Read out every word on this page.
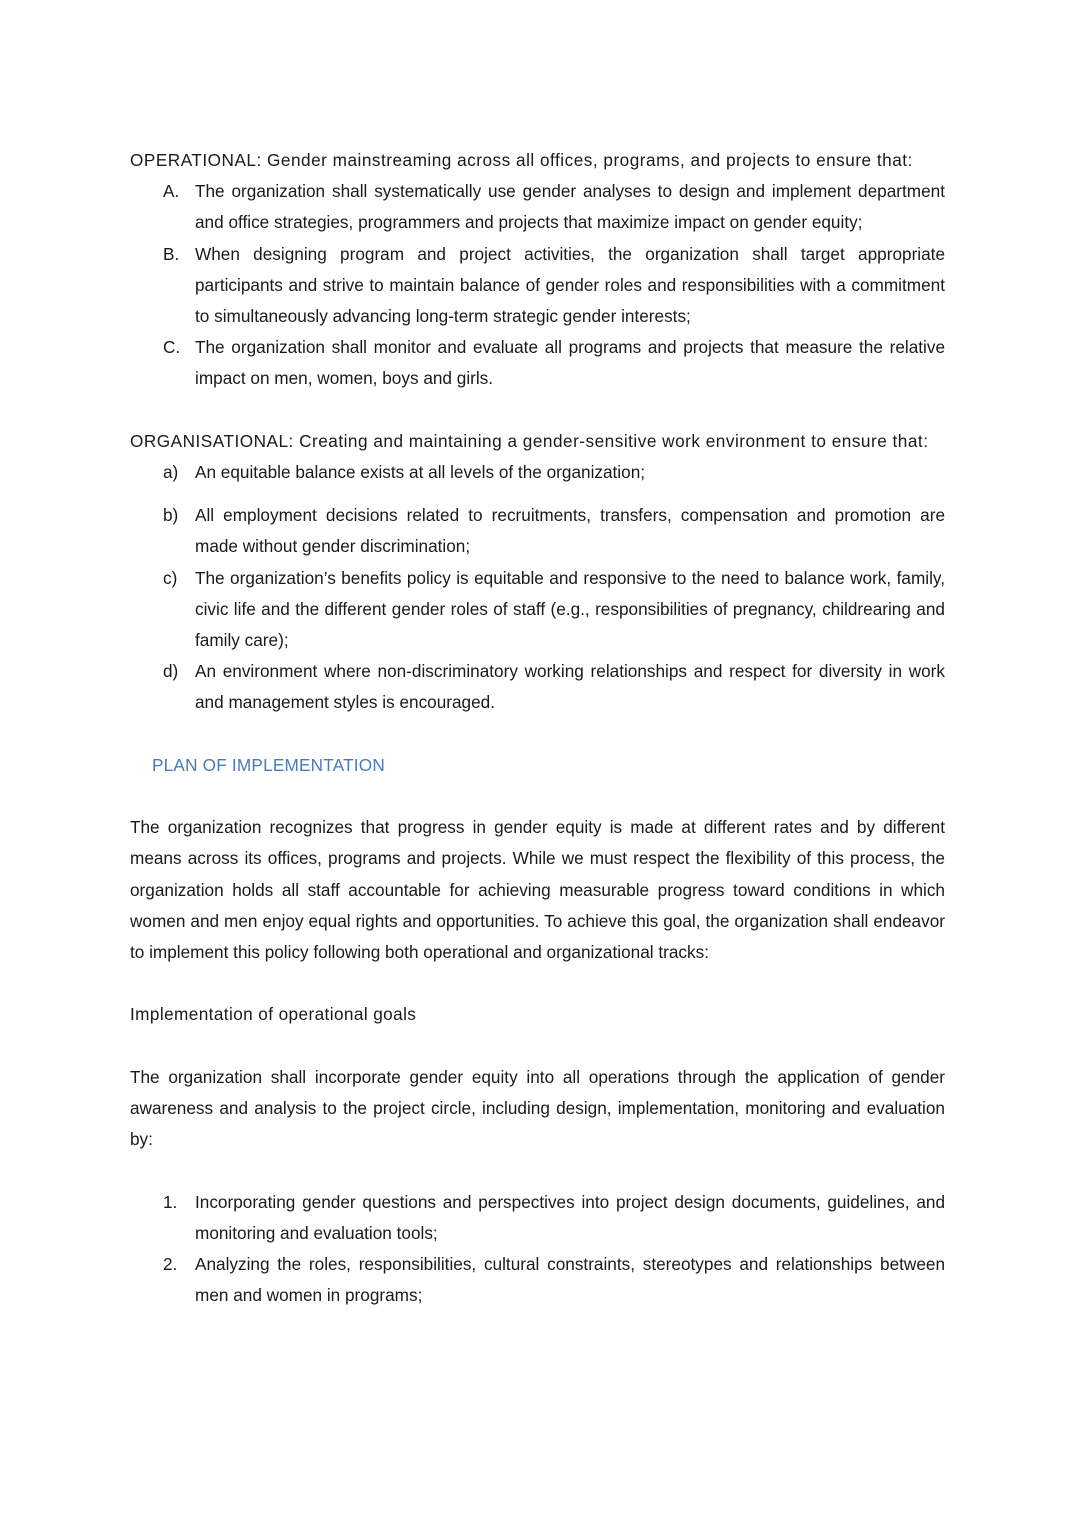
OPERATIONAL: Gender mainstreaming across all offices, programs, and projects to ensure that:

A. The organization shall systematically use gender analyses to design and implement department and office strategies, programmers and projects that maximize impact on gender equity;
B. When designing program and project activities, the organization shall target appropriate participants and strive to maintain balance of gender roles and responsibilities with a commitment to simultaneously advancing long-term strategic gender interests;
C. The organization shall monitor and evaluate all programs and projects that measure the relative impact on men, women, boys and girls.

ORGANISATIONAL: Creating and maintaining a gender-sensitive work environment to ensure that:

a) An equitable balance exists at all levels of the organization;
b) All employment decisions related to recruitments, transfers, compensation and promotion are made without gender discrimination;
c) The organization’s benefits policy is equitable and responsive to the need to balance work, family, civic life and the different gender roles of staff (e.g., responsibilities of pregnancy, childrearing and family care);
d) An environment where non-discriminatory working relationships and respect for diversity in work and management styles is encouraged.

PLAN OF IMPLEMENTATION

The organization recognizes that progress in gender equity is made at different rates and by different means across its offices, programs and projects. While we must respect the flexibility of this process, the organization holds all staff accountable for achieving measurable progress toward conditions in which women and men enjoy equal rights and opportunities. To achieve this goal, the organization shall endeavor to implement this policy following both operational and organizational tracks:

Implementation of operational goals

The organization shall incorporate gender equity into all operations through the application of gender awareness and analysis to the project circle, including design, implementation, monitoring and evaluation by:

1. Incorporating gender questions and perspectives into project design documents, guidelines, and monitoring and evaluation tools;
2. Analyzing the roles, responsibilities, cultural constraints, stereotypes and relationships between men and women in programs;
